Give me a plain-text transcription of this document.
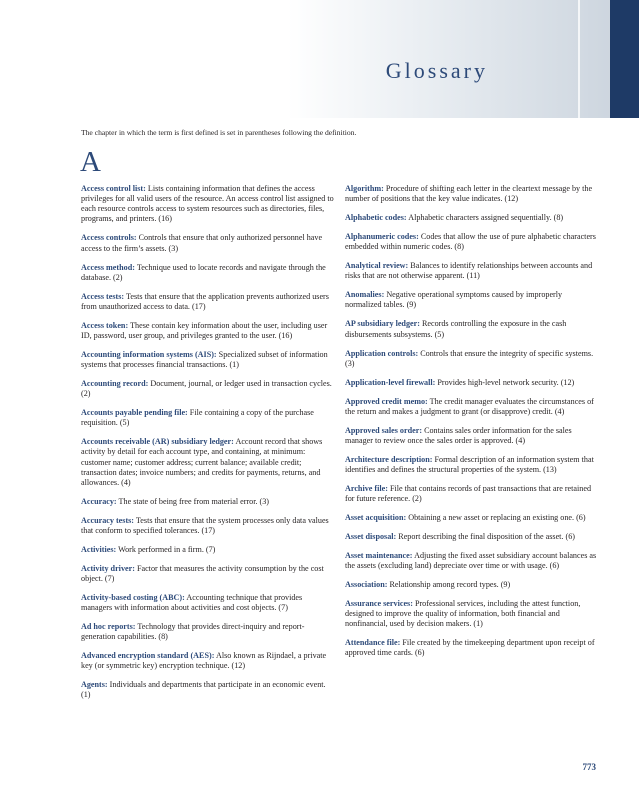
Glossary

The chapter in which the term is first defined is set in parentheses following the definition.

A

Access control list: Lists containing information that defines the access privileges for all valid users of the resource. An access control list assigned to each resource controls access to system resources such as directories, files, programs, and printers. (16)

Access controls: Controls that ensure that only authorized personnel have access to the firm’s assets. (3)

Access method: Technique used to locate records and navigate through the database. (2)

Access tests: Tests that ensure that the application prevents authorized users from unauthorized access to data. (17)

Access token: These contain key information about the user, including user ID, password, user group, and privileges granted to the user. (16)

Accounting information systems (AIS): Specialized subset of information systems that processes financial transactions. (1)

Accounting record: Document, journal, or ledger used in transaction cycles. (2)

Accounts payable pending file: File containing a copy of the purchase requisition. (5)

Accounts receivable (AR) subsidiary ledger: Account record that shows activity by detail for each account type, and containing, at minimum: customer name; customer address; current balance; available credit; transaction dates; invoice numbers; and credits for payments, returns, and allowances. (4)

Accuracy: The state of being free from material error. (3)

Accuracy tests: Tests that ensure that the system processes only data values that conform to specified tolerances. (17)

Activities: Work performed in a firm. (7)

Activity driver: Factor that measures the activity consumption by the cost object. (7)

Activity-based costing (ABC): Accounting technique that provides managers with information about activities and cost objects. (7)

Ad hoc reports: Technology that provides direct-inquiry and report-generation capabilities. (8)

Advanced encryption standard (AES): Also known as Rijndael, a private key (or symmetric key) encryption technique. (12)

Agents: Individuals and departments that participate in an economic event. (1)

Algorithm: Procedure of shifting each letter in the cleartext message by the number of positions that the key value indicates. (12)

Alphabetic codes: Alphabetic characters assigned sequentially. (8)

Alphanumeric codes: Codes that allow the use of pure alphabetic characters embedded within numeric codes. (8)

Analytical review: Balances to identify relationships between accounts and risks that are not otherwise apparent. (11)

Anomalies: Negative operational symptoms caused by improperly normalized tables. (9)

AP subsidiary ledger: Records controlling the exposure in the cash disbursements subsystems. (5)

Application controls: Controls that ensure the integrity of specific systems. (3)

Application-level firewall: Provides high-level network security. (12)

Approved credit memo: The credit manager evaluates the circumstances of the return and makes a judgment to grant (or disapprove) credit. (4)

Approved sales order: Contains sales order information for the sales manager to review once the sales order is approved. (4)

Architecture description: Formal description of an information system that identifies and defines the structural properties of the system. (13)

Archive file: File that contains records of past transactions that are retained for future reference. (2)

Asset acquisition: Obtaining a new asset or replacing an existing one. (6)

Asset disposal: Report describing the final disposition of the asset. (6)

Asset maintenance: Adjusting the fixed asset subsidiary account balances as the assets (excluding land) depreciate over time or with usage. (6)

Association: Relationship among record types. (9)

Assurance services: Professional services, including the attest function, designed to improve the quality of information, both financial and nonfinancial, used by decision makers. (1)

Attendance file: File created by the timekeeping department upon receipt of approved time cards. (6)

773
